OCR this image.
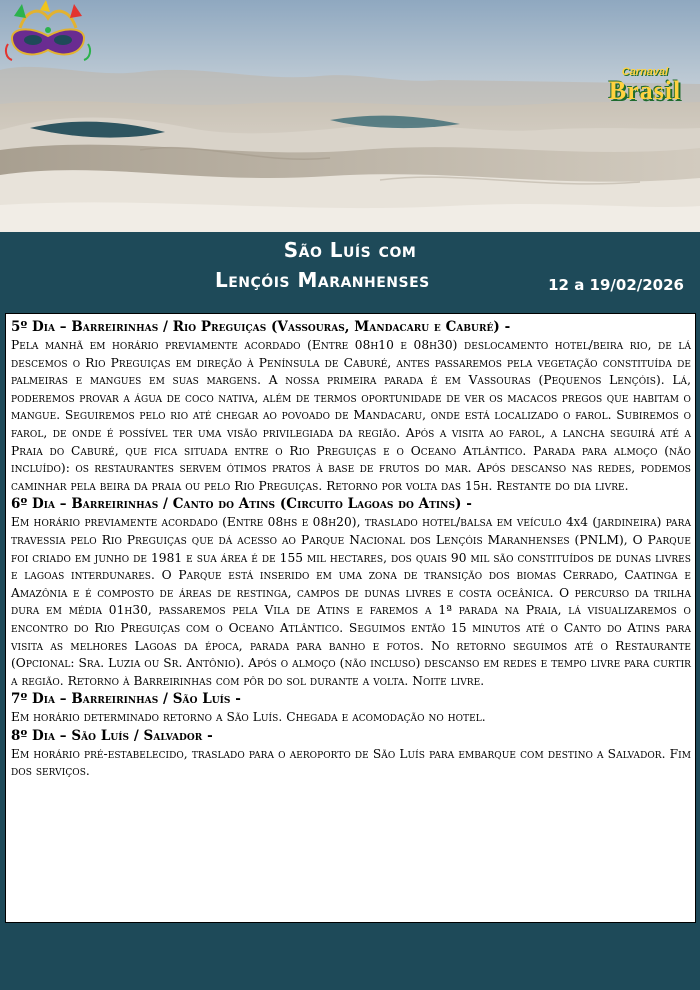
Carnaval
Brasil
São Luís com
Lençóis Maranhenses	12 a 19/02/2026
5º Dia – Barreirinhas / Rio Preguiças (Vassouras, Mandacaru e Caburé) -
Pela manhã em horário previamente acordado (Entre 08h10 e 08h30) deslocamento hotel/beira rio, de lá descemos o Rio Preguiças em direção à Península de Caburé, antes passaremos pela vegetação constituída de palmeiras e mangues em suas margens. A nossa primeira parada é em Vassouras (Pequenos Lençóis). Lá, poderemos provar a água de coco nativa, além de termos oportunidade de ver os macacos pregos que habitam o mangue. Seguiremos pelo rio até chegar ao povoado de Mandacaru, onde está localizado o farol. Subiremos o farol, de onde é possível ter uma visão privilegiada da região. Após a visita ao farol, a lancha seguirá até a Praia do Caburé, que fica situada entre o Rio Preguiças e o Oceano Atlântico. Parada para almoço (não incluído): os restaurantes servem ótimos pratos à base de frutos do mar. Após descanso nas redes, podemos caminhar pela beira da praia ou pelo Rio Preguiças. Retorno por volta das 15h. Restante do dia livre.
6º Dia – Barreirinhas / Canto do Atins (Circuito Lagoas do Atins) -
Em horário previamente acordado (Entre 08hs e 08h20), traslado hotel/balsa em veículo 4x4 (jardineira) para travessia pelo Rio Preguiças que dá acesso ao Parque Nacional dos Lençóis Maranhenses (PNLM), O Parque foi criado em junho de 1981 e sua área é de 155 mil hectares, dos quais 90 mil são constituídos de dunas livres e lagoas interdunares. O Parque está inserido em uma zona de transição dos biomas Cerrado, Caatinga e Amazônia e é composto de áreas de restinga, campos de dunas livres e costa oceânica. O percurso da trilha dura em média 01h30, passaremos pela Vila de Atins e faremos a 1ª parada na Praia, lá visualizaremos o encontro do Rio Preguiças com o Oceano Atlântico. Seguimos então 15 minutos até o Canto do Atins para visita as melhores Lagoas da época, parada para banho e fotos. No retorno seguimos até o Restaurante (Opcional: Sra. Luzia ou Sr. Antônio). Após o almoço (não incluso) descanso em redes e tempo livre para curtir a região. Retorno à Barreirinhas com pôr do sol durante a volta. Noite livre.
7º Dia – Barreirinhas / São Luís -
Em horário determinado retorno a São Luís. Chegada e acomodação no hotel.
8º Dia – São Luís / Salvador -
Em horário pré-estabelecido, traslado para o aeroporto de São Luís para embarque com destino a Salvador. Fim dos serviços.
